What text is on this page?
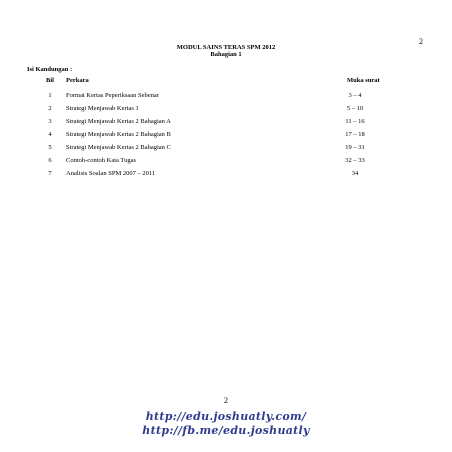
2
MODUL SAINS TERAS SPM 2012
Bahagian 1
Isi Kandungan :
Bil	Perkara	Muka surat
1	Format Kertas Peperiksaan Sebenar	3 – 4
2	Strategi Menjawab Kertas 1	5 – 10
3	Strategi Menjawab Kertas 2 Bahagian A	11 – 16
4	Strategi Menjawab Kertas 2 Bahagian B	17 – 18
5	Strategi Menjawab Kertas 2 Bahagian C	19 – 31
6	Contoh-contoh Kata Tugas	32 – 33
7	Analisis Soalan SPM 2007 – 2011	34
2
http://edu.joshuatly.com/
http://fb.me/edu.joshuatly
